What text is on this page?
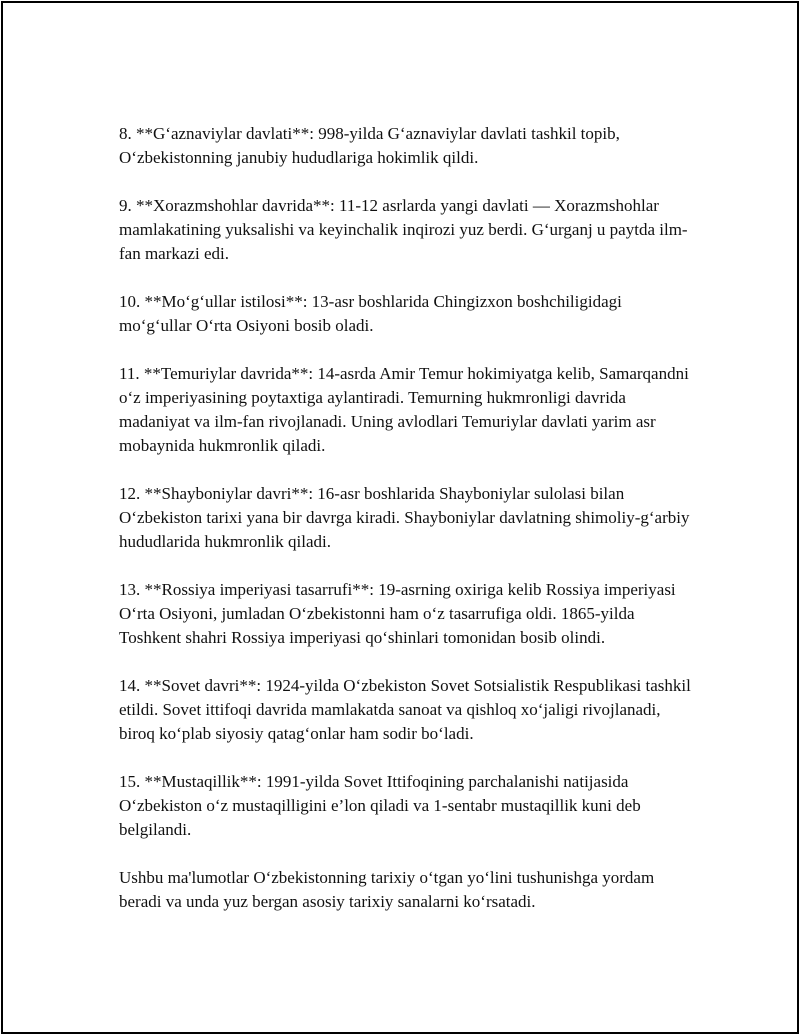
8. **G‘aznaviylar davlati**: 998-yilda G‘aznaviylar davlati tashkil topib, O‘zbekistonning janubiy hududlariga hokimlik qildi.

9. **Xorazmshohlar davrida**: 11-12 asrlarda yangi davlati — Xorazmshohlar mamlakatining yuksalishi va keyinchalik inqirozi yuz berdi. G‘urganj u paytda ilm-fan markazi edi.

10. **Mo‘g‘ullar istilosi**: 13-asr boshlarida Chingizxon boshchiligidagi mo‘g‘ullar O‘rta Osiyoni bosib oladi.

11. **Temuriylar davrida**: 14-asrda Amir Temur hokimiyatga kelib, Samarqandni o‘z imperiyasining poytaxtiga aylantiradi. Temurning hukmronligi davrida madaniyat va ilm-fan rivojlanadi. Uning avlodlari Temuriylar davlati yarim asr mobaynida hukmronlik qiladi.

12. **Shayboniylar davri**: 16-asr boshlarida Shayboniylar sulolasi bilan O‘zbekiston tarixi yana bir davrga kiradi. Shayboniylar davlatning shimoliy-g‘arbiy hududlarida hukmronlik qiladi.

13. **Rossiya imperiyasi tasarrufi**: 19-asrning oxiriga kelib Rossiya imperiyasi O‘rta Osiyoni, jumladan O‘zbekistonni ham o‘z tasarrufiga oldi. 1865-yilda Toshkent shahri Rossiya imperiyasi qo‘shinlari tomonidan bosib olindi.

14. **Sovet davri**: 1924-yilda O‘zbekiston Sovet Sotsialistik Respublikasi tashkil etildi. Sovet ittifoqi davrida mamlakatda sanoat va qishloq xo‘jaligi rivojlanadi, biroq ko‘plab siyosiy qatag‘onlar ham sodir bo‘ladi.

15. **Mustaqillik**: 1991-yilda Sovet Ittifoqining parchalanishi natijasida O‘zbekiston o‘z mustaqilligini e’lon qiladi va 1-sentabr mustaqillik kuni deb belgilandi.

Ushbu ma'lumotlar O‘zbekistonning tarixiy o‘tgan yo‘lini tushunishga yordam beradi va unda yuz bergan asosiy tarixiy sanalarni ko‘rsatadi.
